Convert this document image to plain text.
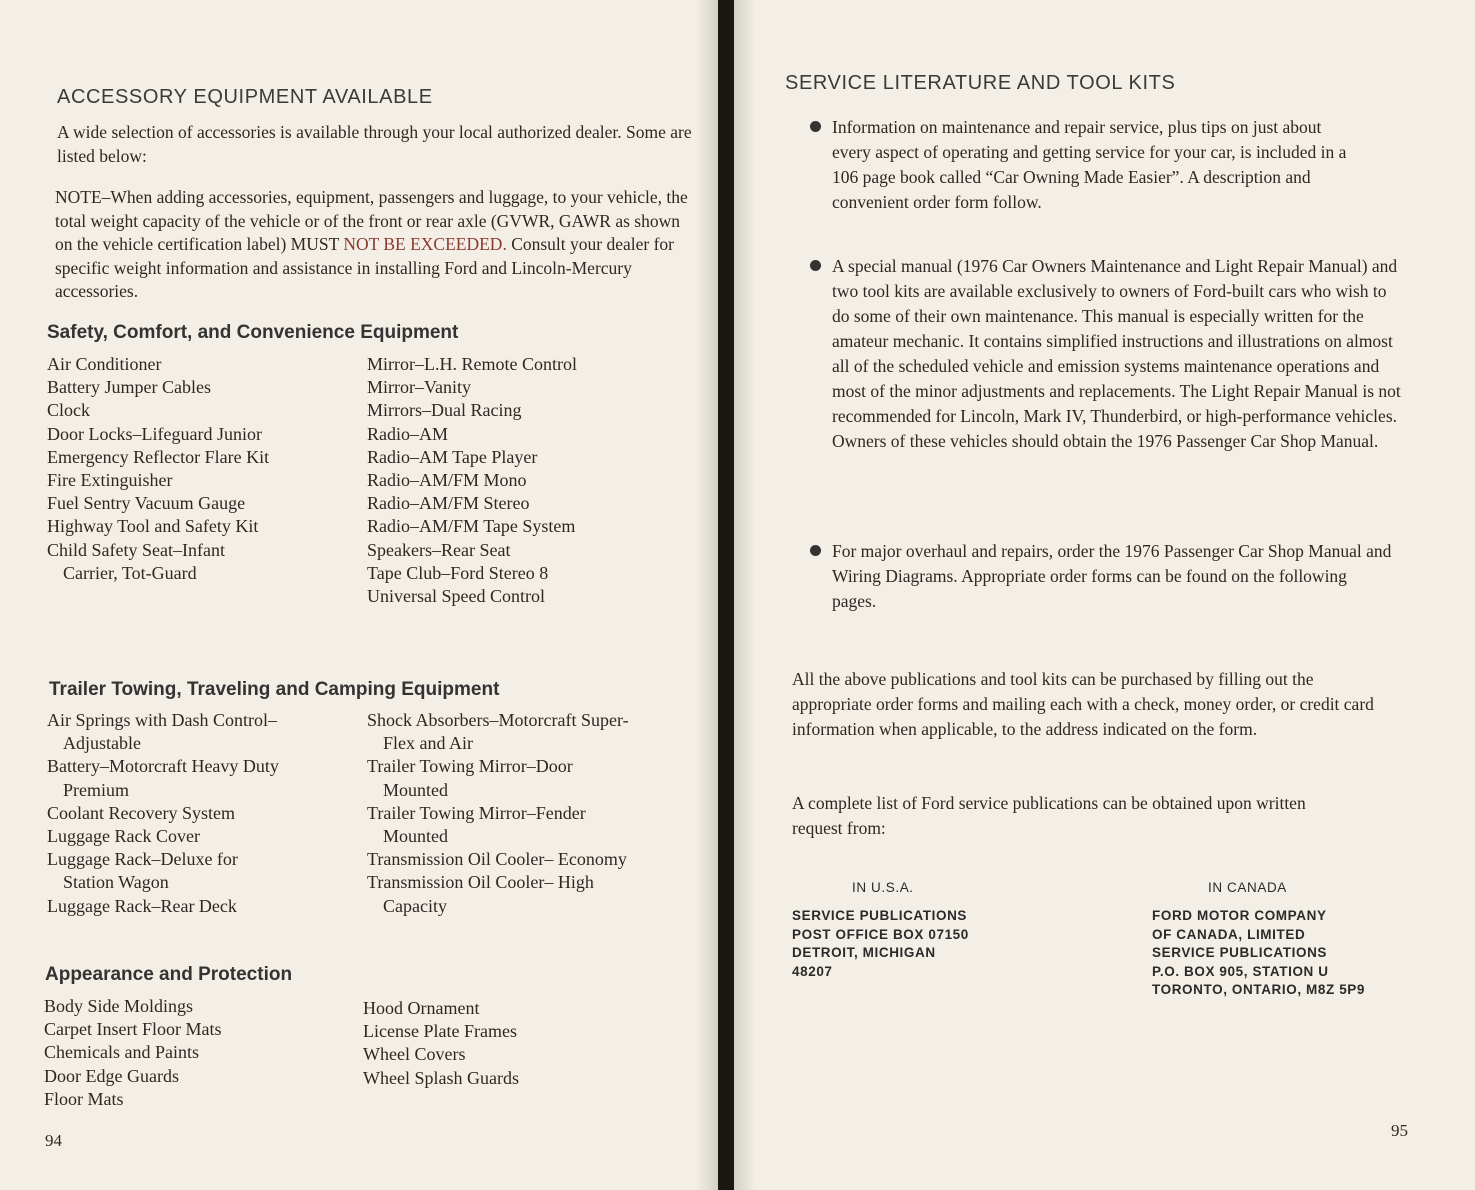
ACCESSORY EQUIPMENT AVAILABLE

A wide selection of accessories is available through your local authorized dealer. Some are listed below:

NOTE–When adding accessories, equipment, passengers and luggage, to your vehicle, the total weight capacity of the vehicle or of the front or rear axle (GVWR, GAWR as shown on the vehicle certification label) MUST NOT BE EXCEEDED. Consult your dealer for specific weight information and assistance in installing Ford and Lincoln-Mercury accessories.

Safety, Comfort, and Convenience Equipment
Air Conditioner
Battery Jumper Cables
Clock
Door Locks–Lifeguard Junior
Emergency Reflector Flare Kit
Fire Extinguisher
Fuel Sentry Vacuum Gauge
Highway Tool and Safety Kit
Child Safety Seat–Infant Carrier, Tot-Guard
Mirror–L.H. Remote Control
Mirror–Vanity
Mirrors–Dual Racing
Radio–AM
Radio–AM Tape Player
Radio–AM/FM Mono
Radio–AM/FM Stereo
Radio–AM/FM Tape System
Speakers–Rear Seat
Tape Club–Ford Stereo 8
Universal Speed Control
Trailer Towing, Traveling and Camping Equipment
Air Springs with Dash Control– Adjustable
Battery–Motorcraft Heavy Duty Premium
Coolant Recovery System
Luggage Rack Cover
Luggage Rack–Deluxe for Station Wagon
Luggage Rack–Rear Deck
Shock Absorbers–Motorcraft Super-Flex and Air
Trailer Towing Mirror–Door Mounted
Trailer Towing Mirror–Fender Mounted
Transmission Oil Cooler– Economy
Transmission Oil Cooler– High Capacity
Appearance and Protection
Body Side Moldings
Carpet Insert Floor Mats
Chemicals and Paints
Door Edge Guards
Floor Mats
Hood Ornament
License Plate Frames
Wheel Covers
Wheel Splash Guards
94
SERVICE LITERATURE AND TOOL KITS
Information on maintenance and repair service, plus tips on just about every aspect of operating and getting service for your car, is included in a 106 page book called “Car Owning Made Easier”. A description and convenient order form follow.
A special manual (1976 Car Owners Maintenance and Light Repair Manual) and two tool kits are available exclusively to owners of Ford-built cars who wish to do some of their own maintenance. This manual is especially written for the amateur mechanic. It contains simplified instructions and illustrations on almost all of the scheduled vehicle and emission systems maintenance operations and most of the minor adjustments and replacements. The Light Repair Manual is not recommended for Lincoln, Mark IV, Thunderbird, or high-performance vehicles. Owners of these vehicles should obtain the 1976 Passenger Car Shop Manual.
For major overhaul and repairs, order the 1976 Passenger Car Shop Manual and Wiring Diagrams. Appropriate order forms can be found on the following pages.

All the above publications and tool kits can be purchased by filling out the appropriate order forms and mailing each with a check, money order, or credit card information when applicable, to the address indicated on the form.

A complete list of Ford service publications can be obtained upon written request from:

IN U.S.A.
SERVICE PUBLICATIONS
POST OFFICE BOX 07150
DETROIT, MICHIGAN
48207
IN CANADA
FORD MOTOR COMPANY
OF CANADA, LIMITED
SERVICE PUBLICATIONS
P.O. BOX 905, STATION U
TORONTO, ONTARIO, M8Z 5P9
95
